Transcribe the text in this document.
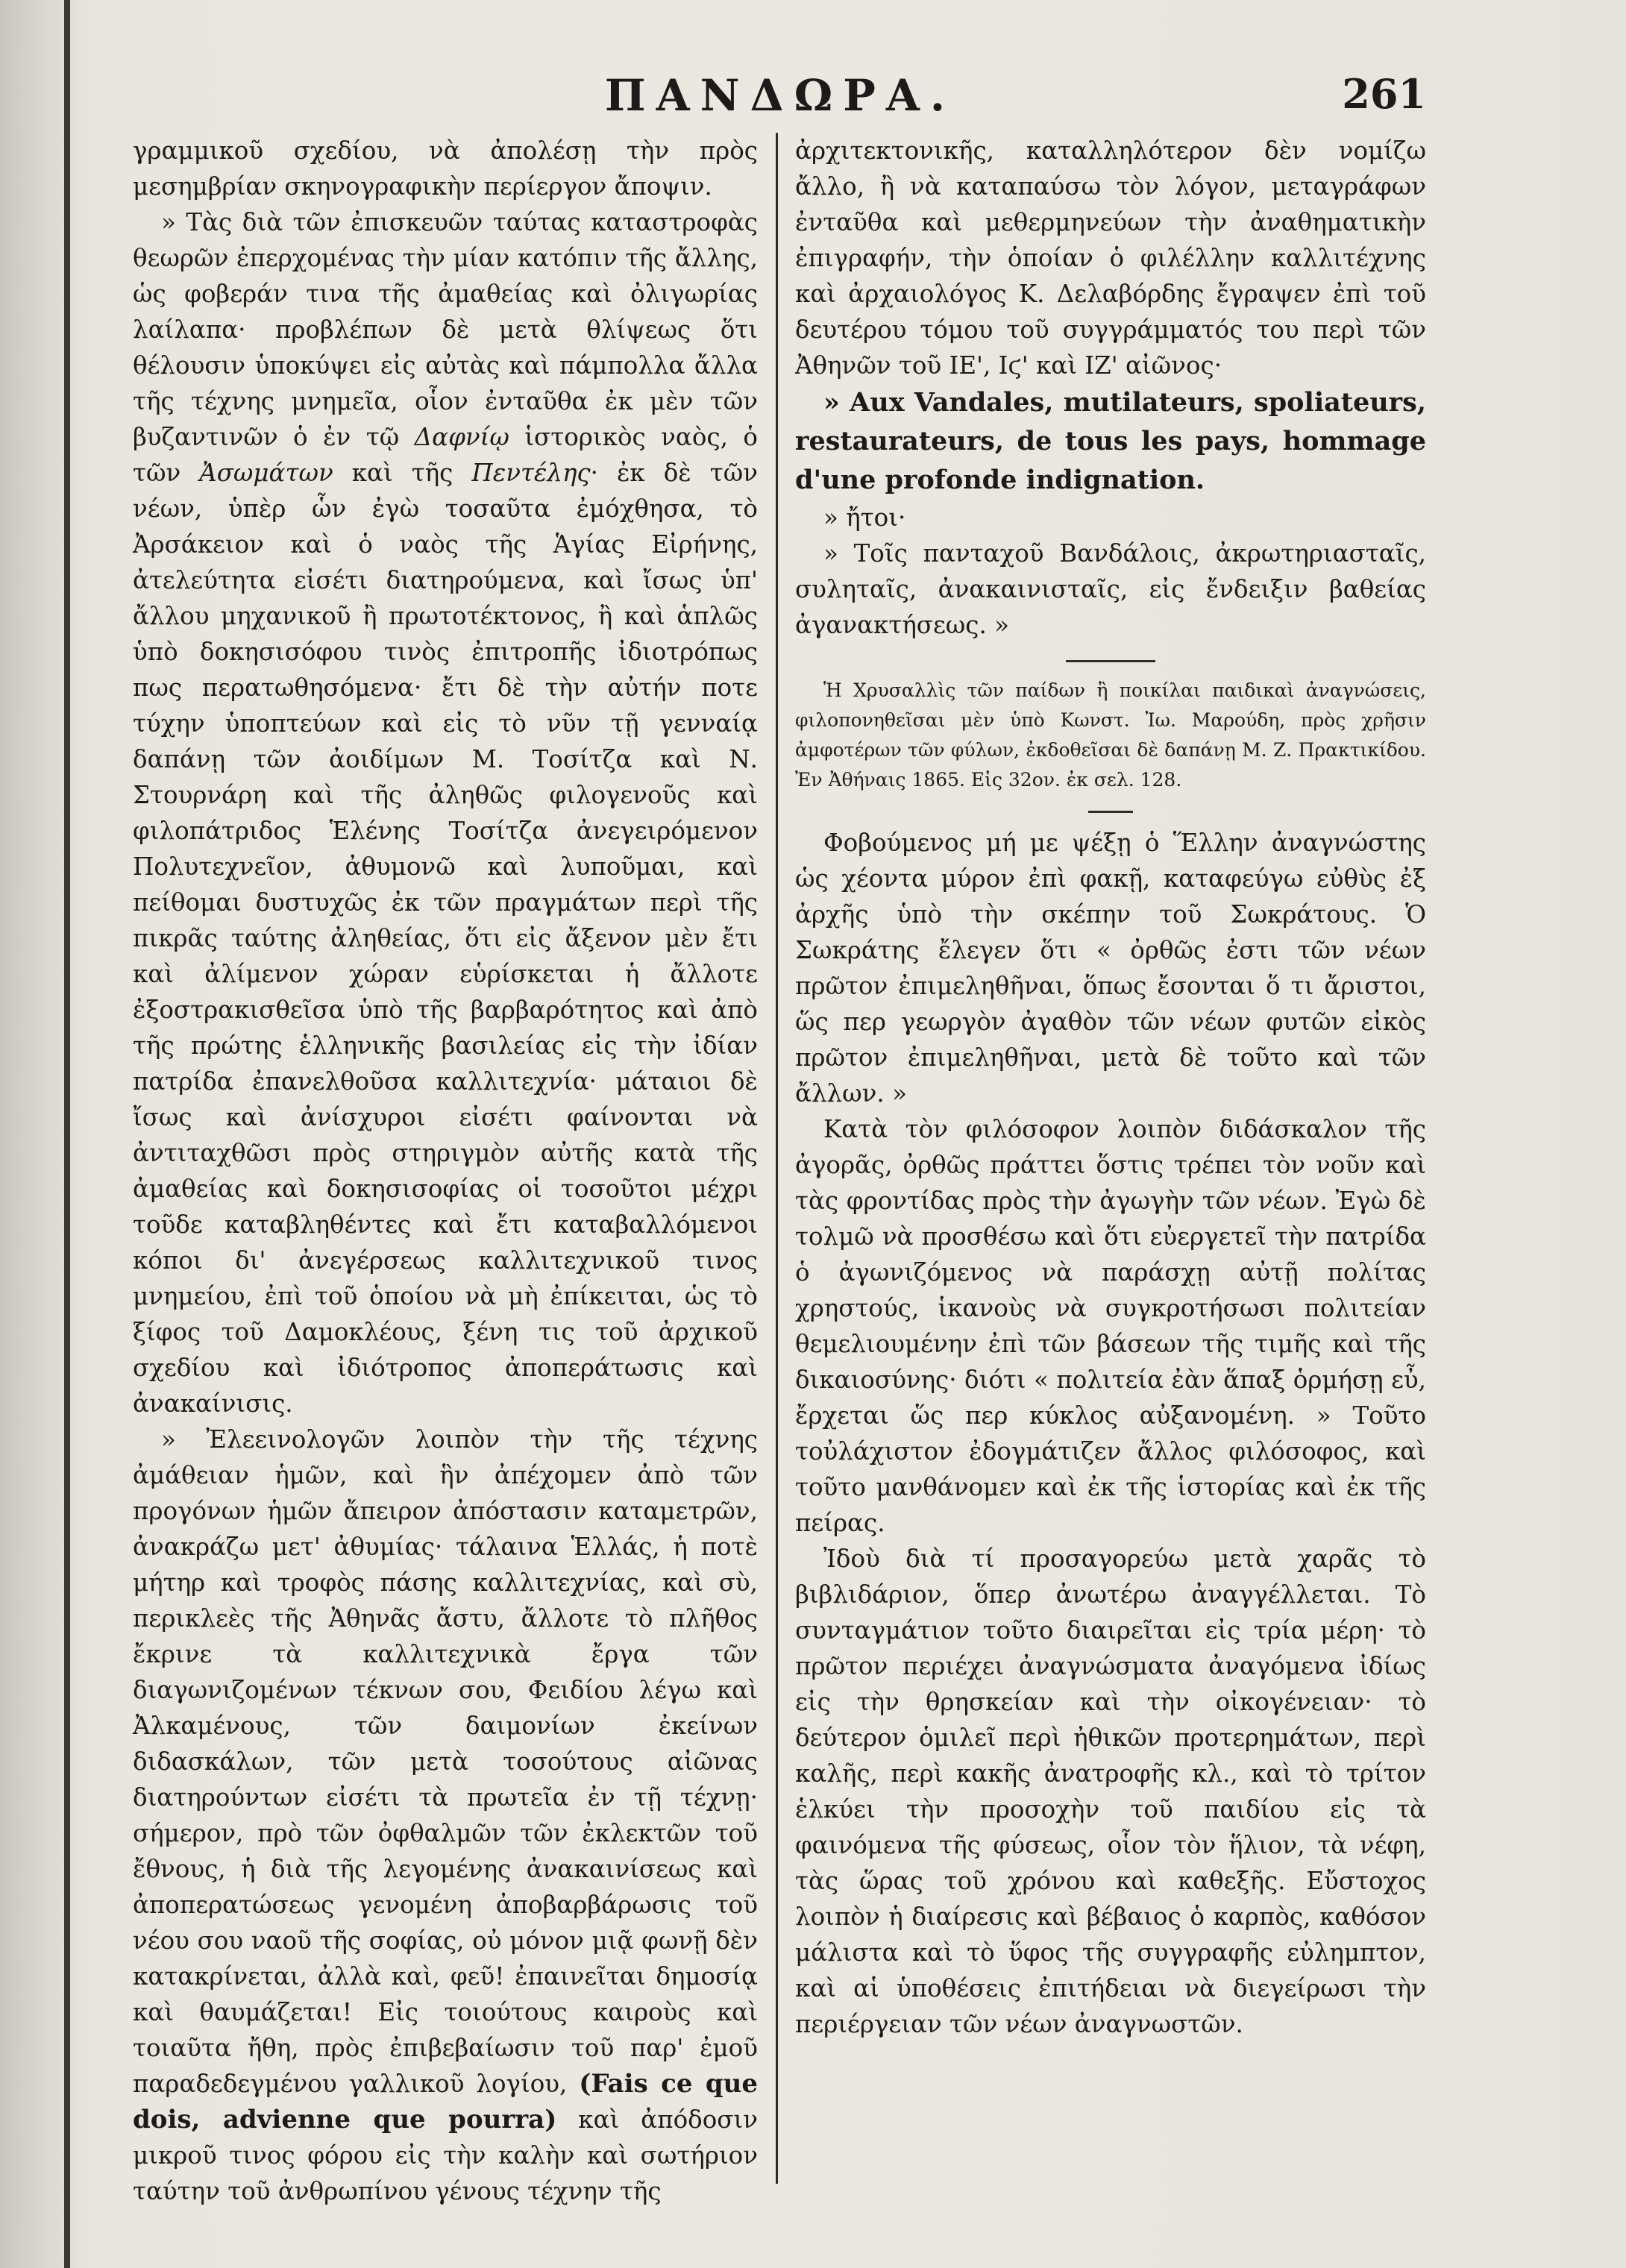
ΠΑΝΔΩΡΑ.	261

γραμμικοῦ σχεδίου, νὰ ἀπολέσῃ τὴν πρὸς μεσημβρίαν σκηνογραφικὴν περίεργον ἄποψιν.

» Τὰς διὰ τῶν ἐπισκευῶν ταύτας καταστροφὰς θεωρῶν ἐπερχομένας τὴν μίαν κατόπιν τῆς ἄλλης, ὡς φοβεράν τινα τῆς ἀμαθείας καὶ ὀλιγωρίας λαίλαπα· προβλέπων δὲ μετὰ θλίψεως ὅτι θέλουσιν ὑποκύψει εἰς αὐτὰς καὶ πάμπολλα ἄλλα τῆς τέχνης μνημεῖα, οἷον ἐνταῦθα ἐκ μὲν τῶν βυζαντινῶν ὁ ἐν τῷ Δαφνίῳ ἱστορικὸς ναὸς, ὁ τῶν Ἀσωμάτων καὶ τῆς Πεντέλης· ἐκ δὲ τῶν νέων, ὑπὲρ ὧν ἐγὼ τοσαῦτα ἐμόχθησα, τὸ Ἀρσάκειον καὶ ὁ ναὸς τῆς Ἁγίας Εἰρήνης, ἀτελεύτητα εἰσέτι διατηρούμενα, καὶ ἴσως ὑπ' ἄλλου μηχανικοῦ ἢ πρωτοτέκτονος, ἢ καὶ ἁπλῶς ὑπὸ δοκησισόφου τινὸς ἐπιτροπῆς ἰδιοτρόπως πως περατωθησόμενα· ἔτι δὲ τὴν αὐτήν ποτε τύχην ὑποπτεύων καὶ εἰς τὸ νῦν τῇ γενναίᾳ δαπάνῃ τῶν ἀοιδίμων Μ. Τοσίτζα καὶ Ν. Στουρνάρη καὶ τῆς ἀληθῶς φιλογενοῦς καὶ φιλοπάτριδος Ἑλένης Τοσίτζα ἀνεγειρόμενον Πολυτεχνεῖον, ἀθυμονῶ καὶ λυποῦμαι, καὶ πείθομαι δυστυχῶς ἐκ τῶν πραγμάτων περὶ τῆς πικρᾶς ταύτης ἀληθείας, ὅτι εἰς ἄξενον μὲν ἔτι καὶ ἀλίμενον χώραν εὑρίσκεται ἡ ἄλλοτε ἐξοστρακισθεῖσα ὑπὸ τῆς βαρβαρότητος καὶ ἀπὸ τῆς πρώτης ἑλληνικῆς βασιλείας εἰς τὴν ἰδίαν πατρίδα ἐπανελθοῦσα καλλιτεχνία· μάταιοι δὲ ἴσως καὶ ἀνίσχυροι εἰσέτι φαίνονται νὰ ἀντιταχθῶσι πρὸς στηριγμὸν αὐτῆς κατὰ τῆς ἀμαθείας καὶ δοκησισοφίας οἱ τοσοῦτοι μέχρι τοῦδε καταβληθέντες καὶ ἔτι καταβαλλόμενοι κόποι δι' ἀνεγέρσεως καλλιτεχνικοῦ τινος μνημείου, ἐπὶ τοῦ ὁποίου νὰ μὴ ἐπίκειται, ὡς τὸ ξίφος τοῦ Δαμοκλέους, ξένη τις τοῦ ἀρχικοῦ σχεδίου καὶ ἰδιότροπος ἀποπεράτωσις καὶ ἀνακαίνισις.

» Ἐλεεινολογῶν λοιπὸν τὴν τῆς τέχνης ἀμάθειαν ἡμῶν, καὶ ἣν ἀπέχομεν ἀπὸ τῶν προγόνων ἡμῶν ἄπειρον ἀπόστασιν καταμετρῶν, ἀνακράζω μετ' ἀθυμίας· τάλαινα Ἑλλάς, ἡ ποτὲ μήτηρ καὶ τροφὸς πάσης καλλιτεχνίας, καὶ σὺ, περικλεὲς τῆς Ἀθηνᾶς ἄστυ, ἄλλοτε τὸ πλῆθος ἔκρινε τὰ καλλιτεχνικὰ ἔργα τῶν διαγωνιζομένων τέκνων σου, Φειδίου λέγω καὶ Ἀλκαμένους, τῶν δαιμονίων ἐκείνων διδασκάλων, τῶν μετὰ τοσούτους αἰῶνας διατηρούντων εἰσέτι τὰ πρωτεῖα ἐν τῇ τέχνῃ· σήμερον, πρὸ τῶν ὀφθαλμῶν τῶν ἐκλεκτῶν τοῦ ἔθνους, ἡ διὰ τῆς λεγομένης ἀνακαινίσεως καὶ ἀποπερατώσεως γενομένη ἀποβαρβάρωσις τοῦ νέου σου ναοῦ τῆς σοφίας, οὐ μόνον μιᾷ φωνῇ δὲν κατακρίνεται, ἀλλὰ καὶ, φεῦ! ἐπαινεῖται δημοσίᾳ καὶ θαυμάζεται! Εἰς τοιούτους καιροὺς καὶ τοιαῦτα ἤθη, πρὸς ἐπιβεβαίωσιν τοῦ παρ' ἐμοῦ παραδεδεγμένου γαλλικοῦ λογίου, (Fais ce que dois, advienne que pourra) καὶ ἀπόδοσιν μικροῦ τινος φόρου εἰς τὴν καλὴν καὶ σωτήριον ταύτην τοῦ ἀνθρωπίνου γένους τέχνην τῆς

ἀρχιτεκτονικῆς, καταλληλότερον δὲν νομίζω ἄλλο, ἢ νὰ καταπαύσω τὸν λόγον, μεταγράφων ἐνταῦθα καὶ μεθερμηνεύων τὴν ἀναθηματικὴν ἐπιγραφήν, τὴν ὁποίαν ὁ φιλέλλην καλλιτέχνης καὶ ἀρχαιολόγος Κ. Δελαβόρδης ἔγραψεν ἐπὶ τοῦ δευτέρου τόμου τοῦ συγγράμματός του περὶ τῶν Ἀθηνῶν τοῦ ΙΕ', Ιϛ' καὶ ΙΖ' αἰῶνος·

» Aux Vandales, mutilateurs, spoliateurs, restaurateurs, de tous les pays, hommage d'une profonde indignation.

» ἤτοι·

» Τοῖς πανταχοῦ Βανδάλοις, ἀκρωτηριασταῖς, συληταῖς, ἀνακαινισταῖς, εἰς ἔνδειξιν βαθείας ἀγανακτήσεως. »

Ἡ Χρυσαλλὶς τῶν παίδων ἢ ποικίλαι παιδικαὶ ἀναγνώσεις, φιλοπονηθεῖσαι μὲν ὑπὸ Κωνστ. Ἰω. Μαρούδη, πρὸς χρῆσιν ἀμφοτέρων τῶν φύλων, ἐκδοθεῖσαι δὲ δαπάνῃ Μ. Ζ. Πρακτικίδου. Ἐν Ἀθήναις 1865. Εἰς 32ον. ἐκ σελ. 128.

Φοβούμενος μή με ψέξῃ ὁ Ἕλλην ἀναγνώστης ὡς χέοντα μύρον ἐπὶ φακῇ, καταφεύγω εὐθὺς ἐξ ἀρχῆς ὑπὸ τὴν σκέπην τοῦ Σωκράτους. Ὁ Σωκράτης ἔλεγεν ὅτι « ὀρθῶς ἐστι τῶν νέων πρῶτον ἐπιμεληθῆναι, ὅπως ἔσονται ὅ τι ἄριστοι, ὥς περ γεωργὸν ἀγαθὸν τῶν νέων φυτῶν εἰκὸς πρῶτον ἐπιμεληθῆναι, μετὰ δὲ τοῦτο καὶ τῶν ἄλλων. »

Κατὰ τὸν φιλόσοφον λοιπὸν διδάσκαλον τῆς ἀγορᾶς, ὀρθῶς πράττει ὅστις τρέπει τὸν νοῦν καὶ τὰς φροντίδας πρὸς τὴν ἀγωγὴν τῶν νέων. Ἐγὼ δὲ τολμῶ νὰ προσθέσω καὶ ὅτι εὐεργετεῖ τὴν πατρίδα ὁ ἀγωνιζόμενος νὰ παράσχῃ αὐτῇ πολίτας χρηστούς, ἱκανοὺς νὰ συγκροτήσωσι πολιτείαν θεμελιουμένην ἐπὶ τῶν βάσεων τῆς τιμῆς καὶ τῆς δικαιοσύνης· διότι « πολιτεία ἐὰν ἅπαξ ὁρμήσῃ εὖ, ἔρχεται ὥς περ κύκλος αὐξανομένη. » Τοῦτο τοὐλάχιστον ἐδογμάτιζεν ἄλλος φιλόσοφος, καὶ τοῦτο μανθάνομεν καὶ ἐκ τῆς ἱστορίας καὶ ἐκ τῆς πείρας.

Ἰδοὺ διὰ τί προσαγορεύω μετὰ χαρᾶς τὸ βιβλιδάριον, ὅπερ ἀνωτέρω ἀναγγέλλεται. Τὸ συνταγμάτιον τοῦτο διαιρεῖται εἰς τρία μέρη· τὸ πρῶτον περιέχει ἀναγνώσματα ἀναγόμενα ἰδίως εἰς τὴν θρησκείαν καὶ τὴν οἰκογένειαν· τὸ δεύτερον ὁμιλεῖ περὶ ἠθικῶν προτερημάτων, περὶ καλῆς, περὶ κακῆς ἀνατροφῆς κλ., καὶ τὸ τρίτον ἑλκύει τὴν προσοχὴν τοῦ παιδίου εἰς τὰ φαινόμενα τῆς φύσεως, οἷον τὸν ἥλιον, τὰ νέφη, τὰς ὥρας τοῦ χρόνου καὶ καθεξῆς. Εὔστοχος λοιπὸν ἡ διαίρεσις καὶ βέβαιος ὁ καρπὸς, καθόσον μάλιστα καὶ τὸ ὕφος τῆς συγγραφῆς εὐλημπτον, καὶ αἱ ὑποθέσεις ἐπιτήδειαι νὰ διεγείρωσι τὴν περιέργειαν τῶν νέων ἀναγνωστῶν.
